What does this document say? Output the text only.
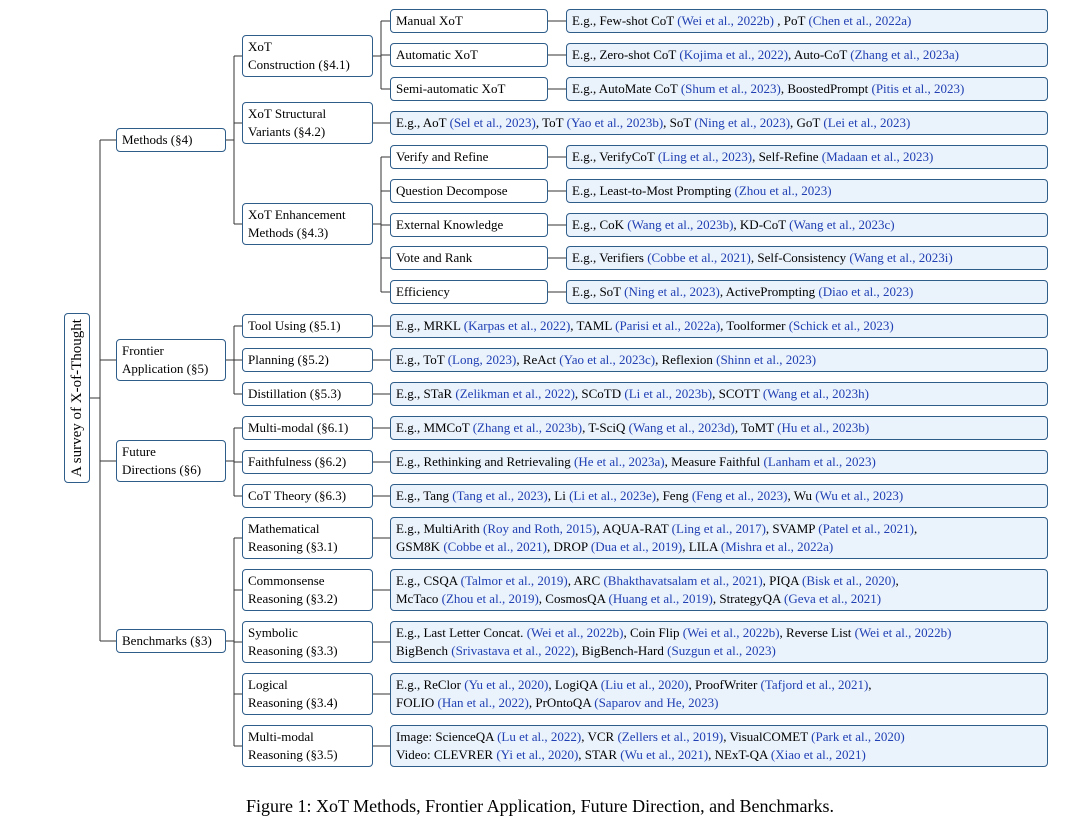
A survey of X-of-Thought
Methods (§4)
Frontier
Application (§5)
Future
Directions (§6)
Benchmarks (§3)
XoT
Construction (§4.1)
XoT Structural
Variants (§4.2)
XoT Enhancement
Methods (§4.3)
Tool Using (§5.1)
Planning (§5.2)
Distillation (§5.3)
Multi-modal (§6.1)
Faithfulness (§6.2)
CoT Theory (§6.3)
Mathematical
Reasoning (§3.1)
Commonsense
Reasoning (§3.2)
Symbolic
Reasoning (§3.3)
Logical
Reasoning (§3.4)
Multi-modal
Reasoning (§3.5)
Manual XoT
Automatic XoT
Semi-automatic XoT
Verify and Refine
Question Decompose
External Knowledge
Vote and Rank
Efficiency
E.g., Few-shot CoT (Wei et al., 2022b) , PoT (Chen et al., 2022a)
E.g., Zero-shot CoT (Kojima et al., 2022), Auto-CoT (Zhang et al., 2023a)
E.g., AutoMate CoT (Shum et al., 2023), BoostedPrompt (Pitis et al., 2023)
E.g., AoT (Sel et al., 2023), ToT (Yao et al., 2023b), SoT (Ning et al., 2023), GoT (Lei et al., 2023)
E.g., VerifyCoT (Ling et al., 2023), Self-Refine (Madaan et al., 2023)
E.g., Least-to-Most Prompting (Zhou et al., 2023)
E.g., CoK (Wang et al., 2023b), KD-CoT (Wang et al., 2023c)
E.g., Verifiers (Cobbe et al., 2021), Self-Consistency (Wang et al., 2023i)
E.g., SoT (Ning et al., 2023), ActivePrompting (Diao et al., 2023)
E.g., MRKL (Karpas et al., 2022), TAML (Parisi et al., 2022a), Toolformer (Schick et al., 2023)
E.g., ToT (Long, 2023), ReAct (Yao et al., 2023c), Reflexion (Shinn et al., 2023)
E.g., STaR (Zelikman et al., 2022), SCoTD (Li et al., 2023b), SCOTT (Wang et al., 2023h)
E.g., MMCoT (Zhang et al., 2023b), T-SciQ (Wang et al., 2023d), ToMT (Hu et al., 2023b)
E.g., Rethinking and Retrievaling (He et al., 2023a), Measure Faithful (Lanham et al., 2023)
E.g., Tang (Tang et al., 2023), Li (Li et al., 2023e), Feng (Feng et al., 2023), Wu (Wu et al., 2023)
E.g., MultiArith (Roy and Roth, 2015), AQUA-RAT (Ling et al., 2017), SVAMP (Patel et al., 2021),
GSM8K (Cobbe et al., 2021), DROP (Dua et al., 2019), LILA (Mishra et al., 2022a)
E.g., CSQA (Talmor et al., 2019), ARC (Bhakthavatsalam et al., 2021), PIQA (Bisk et al., 2020),
McTaco (Zhou et al., 2019), CosmosQA (Huang et al., 2019), StrategyQA (Geva et al., 2021)
E.g., Last Letter Concat. (Wei et al., 2022b), Coin Flip (Wei et al., 2022b), Reverse List (Wei et al., 2022b)
BigBench (Srivastava et al., 2022), BigBench-Hard (Suzgun et al., 2023)
E.g., ReClor (Yu et al., 2020), LogiQA (Liu et al., 2020), ProofWriter (Tafjord et al., 2021),
FOLIO (Han et al., 2022), PrOntoQA (Saparov and He, 2023)
Image: ScienceQA (Lu et al., 2022), VCR (Zellers et al., 2019), VisualCOMET (Park et al., 2020)
Video: CLEVRER (Yi et al., 2020), STAR (Wu et al., 2021), NExT-QA (Xiao et al., 2021)
Figure 1: XoT Methods, Frontier Application, Future Direction, and Benchmarks.
